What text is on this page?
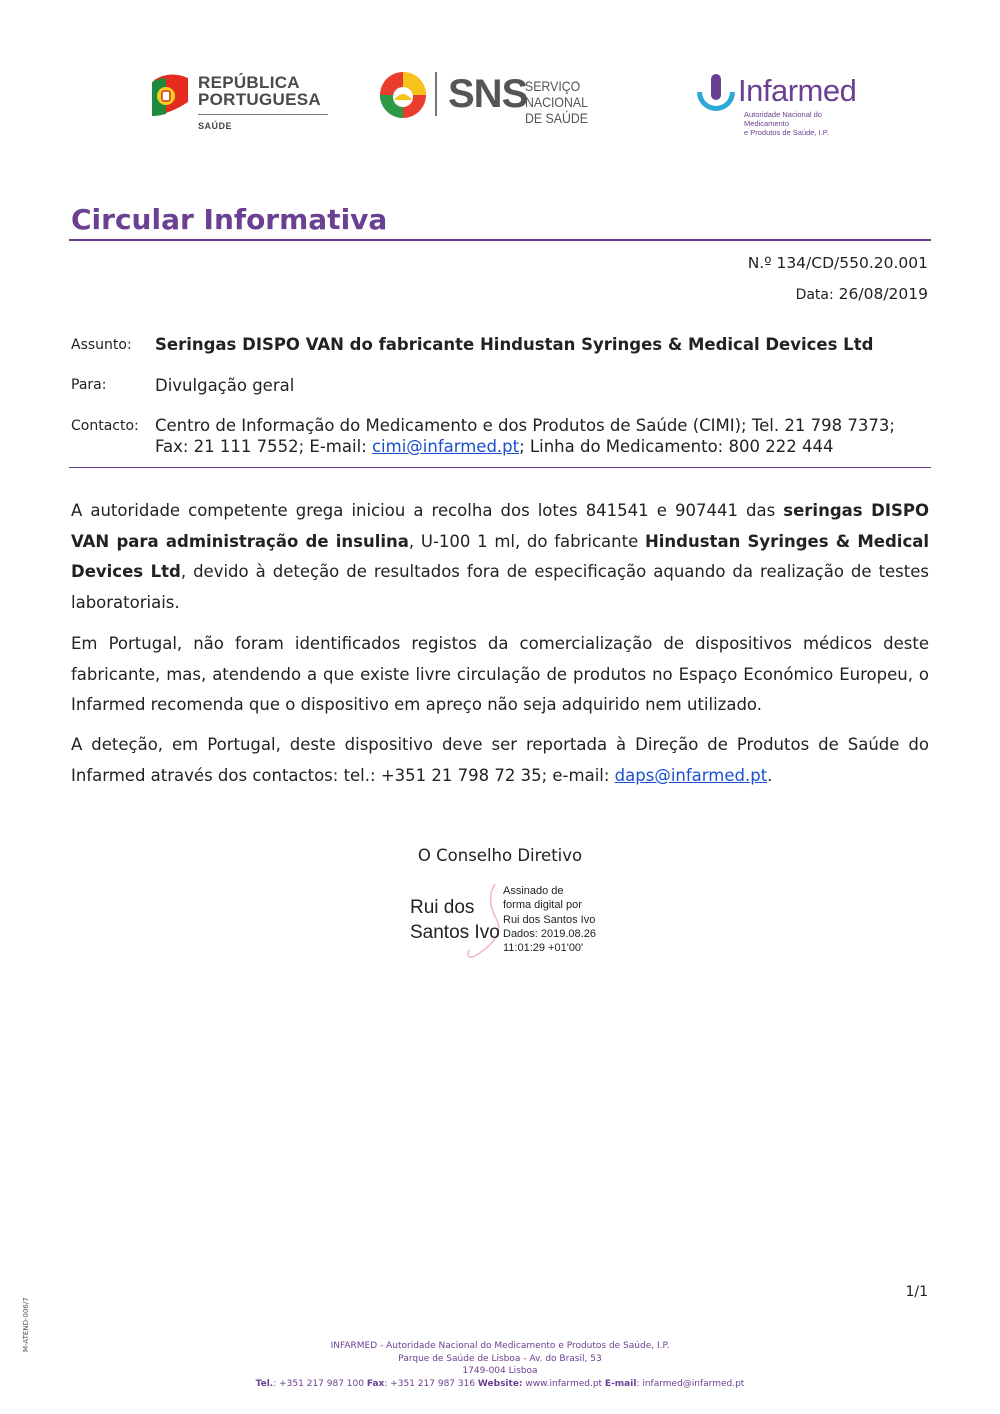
REPÚBLICA
PORTUGUESA
SAÚDE
SNS
SERVIÇO NACIONAL
DE SAÚDE
Infarmed
Autoridade Nacional do Medicamento
e Produtos de Saúde, I.P.
Circular Informativa
N.º 134/CD/550.20.001
Data: 26/08/2019
Assunto: Seringas DISPO VAN do fabricante Hindustan Syringes & Medical Devices Ltd
Para:	Divulgação geral
Contacto: Centro de Informação do Medicamento e dos Produtos de Saúde (CIMI); Tel. 21 798 7373;
Fax: 21 111 7552; E-mail: cimi@infarmed.pt; Linha do Medicamento: 800 222 444

A autoridade competente grega iniciou a recolha dos lotes 841541 e 907441 das seringas DISPO VAN para administração de insulina, U-100 1 ml, do fabricante Hindustan Syringes & Medical Devices Ltd, devido à deteção de resultados fora de especificação aquando da realização de testes laboratoriais.

Em Portugal, não foram identificados registos da comercialização de dispositivos médicos deste fabricante, mas, atendendo a que existe livre circulação de produtos no Espaço Económico Europeu, o Infarmed recomenda que o dispositivo em apreço não seja adquirido nem utilizado.

A deteção, em Portugal, deste dispositivo deve ser reportada à Direção de Produtos de Saúde do Infarmed através dos contactos: tel.: +351 21 798 72 35; e-mail: daps@infarmed.pt.

O Conselho Diretivo
Rui dos
Santos Ivo
Assinado de
forma digital por
Rui dos Santos Ivo
Dados: 2019.08.26
11:01:29 +01'00'
1/1
M-ATEND-006/7	INFARMED - Autoridade Nacional do Medicamento e Produtos de Saúde, I.P.
Parque de Saúde de Lisboa - Av. do Brasil, 53
1749-004 Lisboa
Tel.: +351 217 987 100 Fax: +351 217 987 316 Website: www.infarmed.pt E-mail: infarmed@infarmed.pt
